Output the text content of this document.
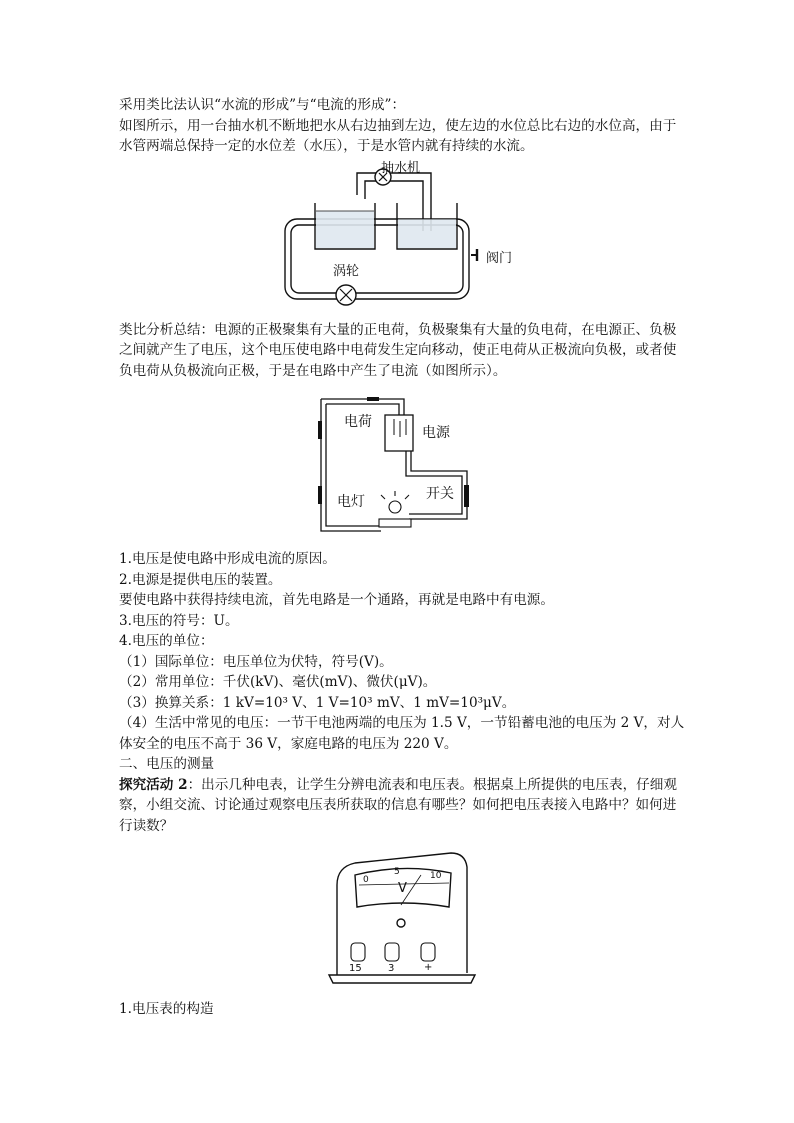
采用类比法认识“水流的形成”与“电流的形成”：

如图所示，用一台抽水机不断地把水从右边抽到左边，使左边的水位总比右边的水位高，由于水管两端总保持一定的水位差（水压），于是水管内就有持续的水流。

抽水机
涡轮
阀门

类比分析总结：电源的正极聚集有大量的正电荷，负极聚集有大量的负电荷，在电源正、负极之间就产生了电压，这个电压使电路中电荷发生定向移动，使正电荷从正极流向负极，或者使负电荷从负极流向正极，于是在电路中产生了电流（如图所示）。

电荷
电源
电灯	开关

1.电压是使电路中形成电流的原因。

2.电源是提供电压的装置。

要使电路中获得持续电流，首先电路是一个通路，再就是电路中有电源。

3.电压的符号：U。

4.电压的单位：

（1）国际单位：电压单位为伏特，符号(V)。

（2）常用单位：千伏(kV)、毫伏(mV)、微伏(μV)。

（3）换算关系：1 kV=10³ V、1 V=10³ mV、1 mV=10³μV。

（4）生活中常见的电压：一节干电池两端的电压为 1.5 V，一节铅蓄电池的电压为 2 V，对人体安全的电压不高于 36 V，家庭电路的电压为 220 V。

二、电压的测量

探究活动 2：出示几种电表，让学生分辨电流表和电压表。根据桌上所提供的电压表，仔细观察，小组交流、讨论通过观察电压表所获取的信息有哪些？如何把电压表接入电路中？如何进行读数？

0
5	10
V
15	3	+

1.电压表的构造
